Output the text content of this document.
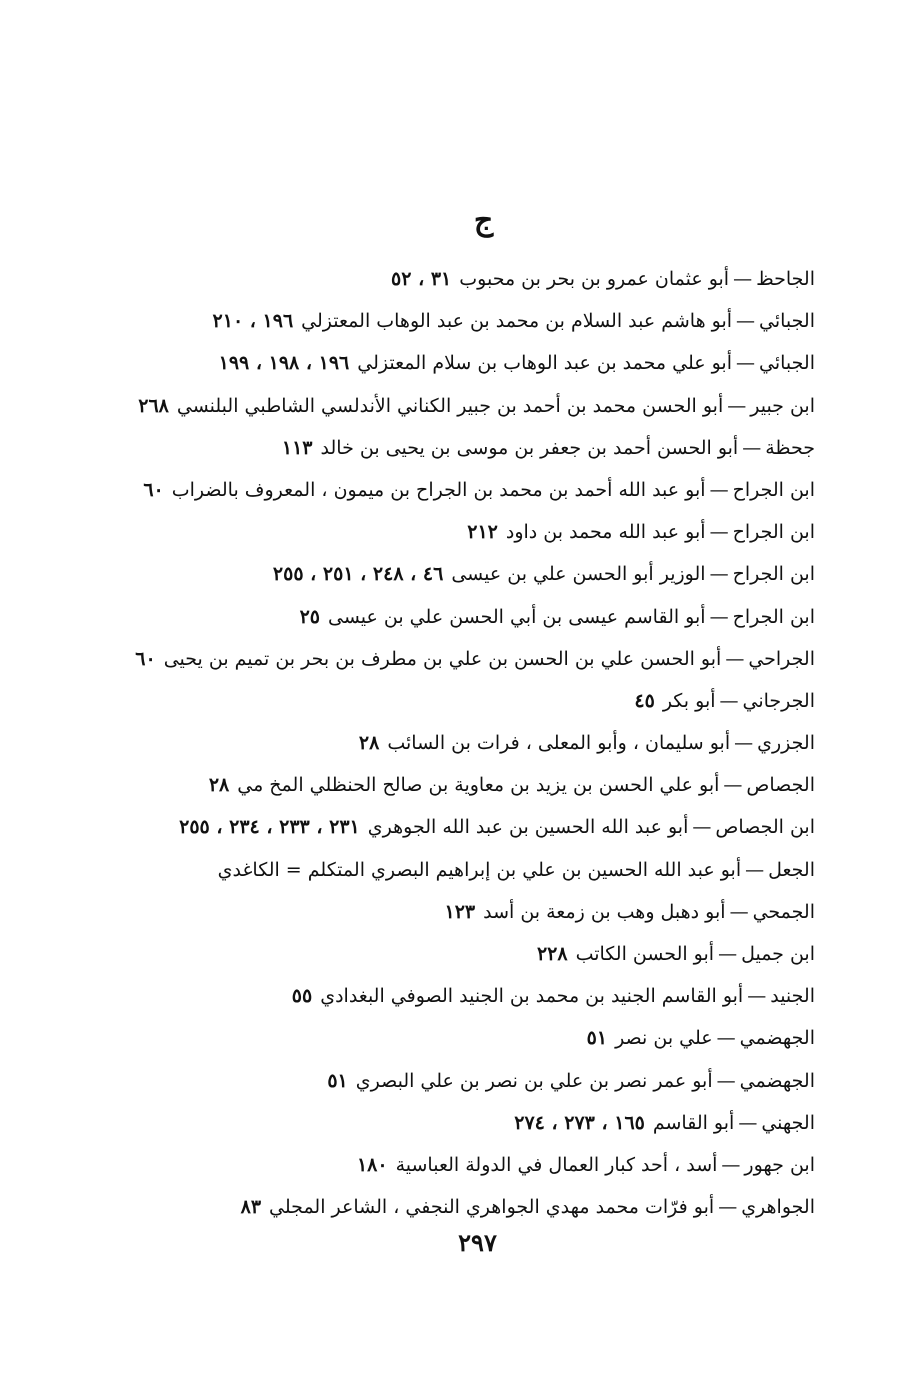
ج
الجاحظ—أبو عثمان عمرو بن بحر بن محبوب٣١ ، ٥٢
الجبائي—أبو هاشم عبد السلام بن محمد بن عبد الوهاب المعتزلي١٩٦ ، ٢١٠
الجبائي—أبو علي محمد بن عبد الوهاب بن سلام المعتزلي١٩٦ ، ١٩٨ ، ١٩٩
ابن جبير—أبو الحسن محمد بن أحمد بن جبير الكناني الأندلسي الشاطبي البلنسي٢٦٨
جحظة—أبو الحسن أحمد بن جعفر بن موسى بن يحيى بن خالد١١٣
ابن الجراح—أبو عبد الله أحمد بن محمد بن الجراح بن ميمون ، المعروف بالضراب٦٠
ابن الجراح—أبو عبد الله محمد بن داود٢١٢
ابن الجراح—الوزير أبو الحسن علي بن عيسى٤٦ ، ٢٤٨ ، ٢٥١ ، ٢٥٥
ابن الجراح—أبو القاسم عيسى بن أبي الحسن علي بن عيسى٢٥
الجراحي—أبو الحسن علي بن الحسن بن علي بن مطرف بن بحر بن تميم بن يحيى٦٠
الجرجاني—أبو بكر٤٥
الجزري—أبو سليمان ، وأبو المعلى ، فرات بن السائب٢٨
الجصاص—أبو علي الحسن بن يزيد بن معاوية بن صالح الحنظلي المخ مي٢٨
ابن الجصاص—أبو عبد الله الحسين بن عبد الله الجوهري٢٣١ ، ٢٣٣ ، ٢٣٤ ، ٢٥٥
الجعل—أبو عبد الله الحسين بن علي بن إبراهيم البصري المتكلم = الكاغدي
الجمحي—أبو دهبل وهب بن زمعة بن أسد١٢٣
ابن جميل—أبو الحسن الكاتب٢٢٨
الجنيد—أبو القاسم الجنيد بن محمد بن الجنيد الصوفي البغدادي٥٥
الجهضمي—علي بن نصر٥١
الجهضمي—أبو عمر نصر بن علي بن نصر بن علي البصري٥١
الجهني—أبو القاسم١٦٥ ، ٢٧٣ ، ٢٧٤
ابن جهور—أسد ، أحد كبار العمال في الدولة العباسية١٨٠
الجواهري—أبو فرّات محمد مهدي الجواهري النجفي ، الشاعر المجلي٨٣
٢٩٧
